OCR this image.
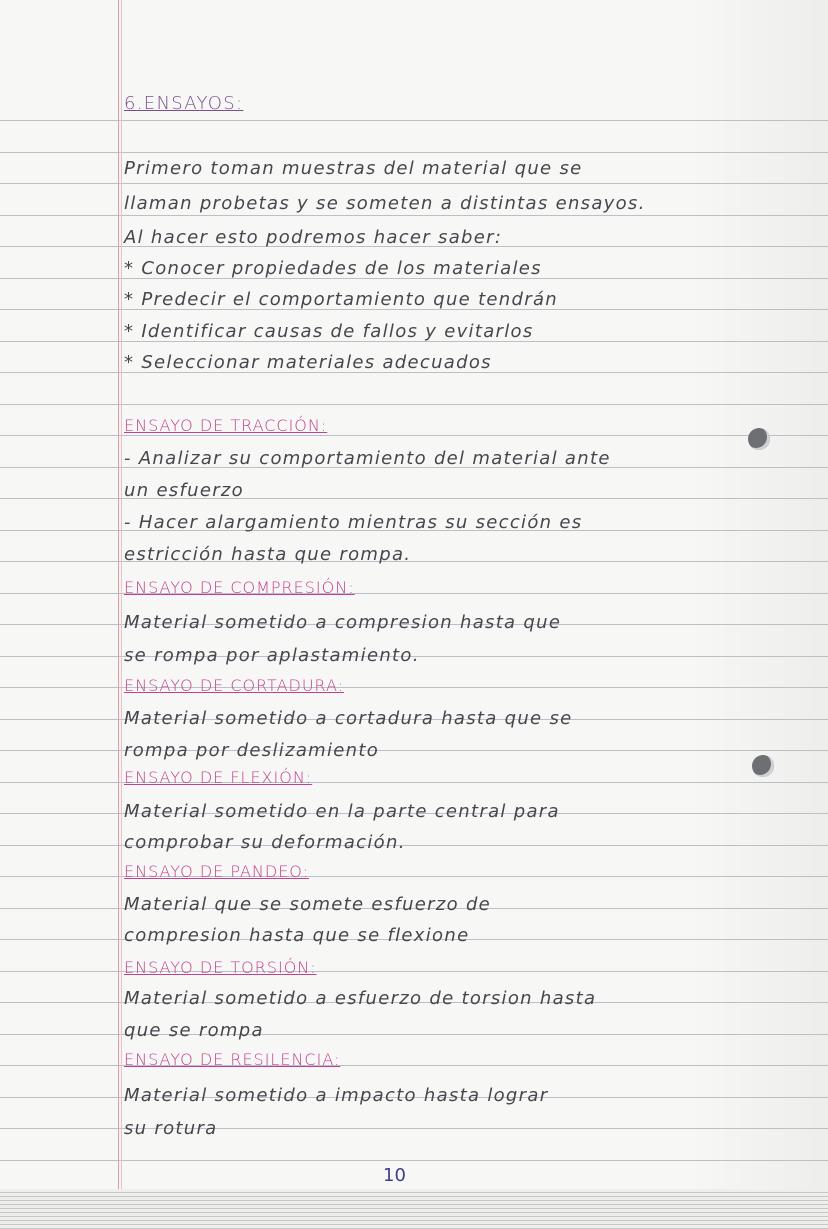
6.ENSAYOS:
Primero toman muestras del material que se
llaman probetas y se someten a distintas ensayos.
Al hacer esto podremos hacer saber:
* Conocer propiedades de los materiales
* Predecir el comportamiento que tendrán
* Identificar causas de fallos y evitarlos
* Seleccionar materiales adecuados
ENSAYO DE TRACCIÓN:
- Analizar su comportamiento del material ante
un esfuerzo
- Hacer alargamiento mientras su sección es
estricción hasta que rompa.
ENSAYO DE COMPRESIÓN:
Material sometido a compresion hasta que
se rompa por aplastamiento.
ENSAYO DE CORTADURA:
Material sometido a cortadura hasta que se
rompa por deslizamiento
ENSAYO DE FLEXIÓN:
Material sometido en la parte central para
comprobar su deformación.
ENSAYO DE PANDEO:
Material que se somete esfuerzo de
compresion hasta que se flexione
ENSAYO DE TORSIÓN:
Material sometido a esfuerzo de torsion hasta
que se rompa
ENSAYO DE RESILENCIA:
Material sometido a impacto hasta lograr
su rotura
10
